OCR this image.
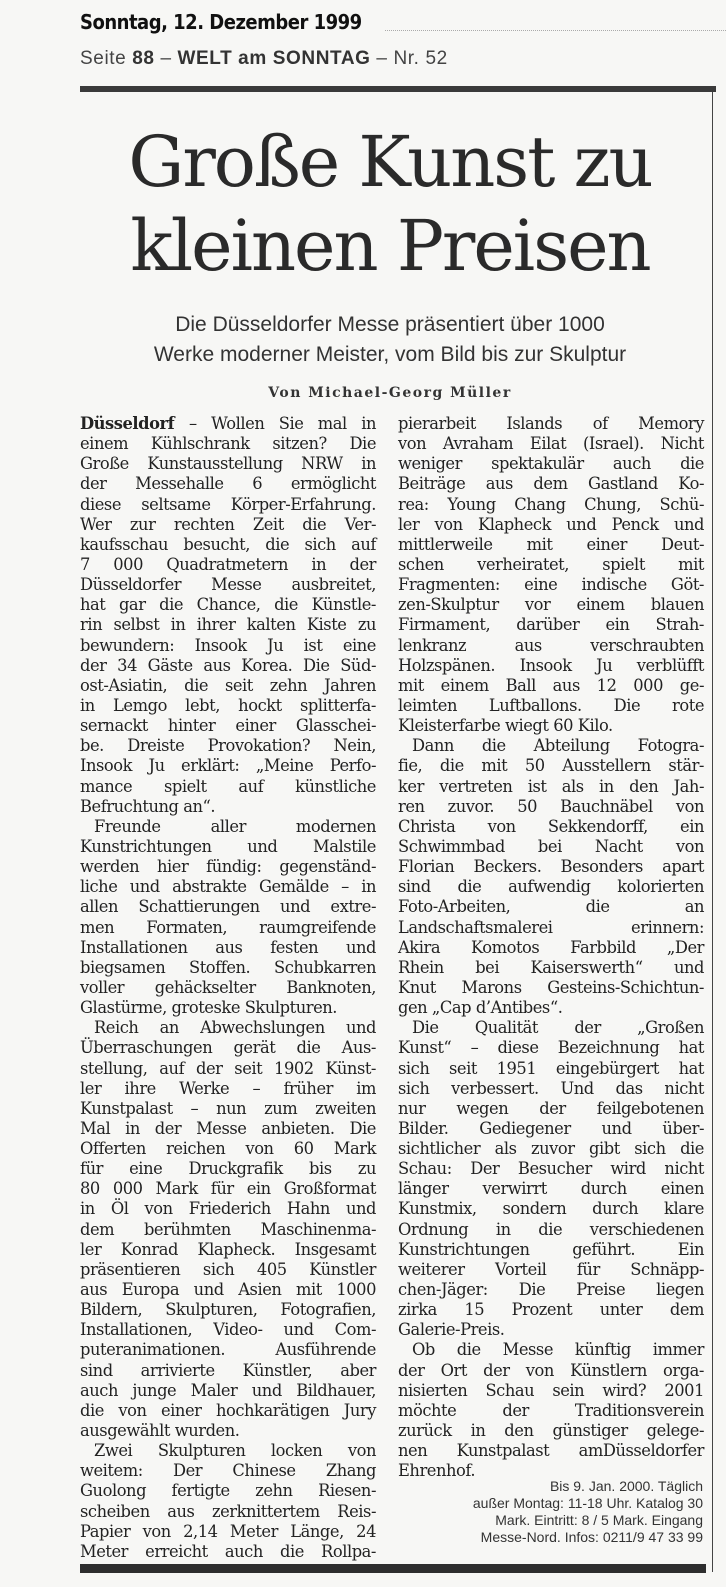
Sonntag, 12. Dezember 1999
Seite 88 – WELT am SONNTAG – Nr. 52
Große Kunst zu
kleinen Preisen
Die Düsseldorfer Messe präsentiert über 1000
Werke moderner Meister, vom Bild bis zur Skulptur
Von Michael-Georg Müller
Düsseldorf – Wollen Sie mal in
einem Kühlschrank sitzen? Die
Große Kunstausstellung NRW in
der Messehalle 6 ermöglicht
diese seltsame Körper-Erfahrung.
Wer zur rechten Zeit die Ver-
kaufsschau besucht, die sich auf
7 000 Quadratmetern in der
Düsseldorfer Messe ausbreitet,
hat gar die Chance, die Künstle-
rin selbst in ihrer kalten Kiste zu
bewundern: Insook Ju ist eine
der 34 Gäste aus Korea. Die Süd-
ost-Asiatin, die seit zehn Jahren
in Lemgo lebt, hockt splitterfa-
sernackt hinter einer Glasschei-
be. Dreiste Provokation? Nein,
Insook Ju erklärt: „Meine Perfo-
mance spielt auf künstliche
Befruchtung an“.
Freunde aller modernen
Kunstrichtungen und Malstile
werden hier fündig: gegenständ-
liche und abstrakte Gemälde – in
allen Schattierungen und extre-
men Formaten, raumgreifende
Installationen aus festen und
biegsamen Stoffen. Schubkarren
voller gehäckselter Banknoten,
Glastürme, groteske Skulpturen.
Reich an Abwechslungen und
Überraschungen gerät die Aus-
stellung, auf der seit 1902 Künst-
ler ihre Werke – früher im
Kunstpalast – nun zum zweiten
Mal in der Messe anbieten. Die
Offerten reichen von 60 Mark
für eine Druckgrafik bis zu
80 000 Mark für ein Großformat
in Öl von Friederich Hahn und
dem berühmten Maschinenma-
ler Konrad Klapheck. Insgesamt
präsentieren sich 405 Künstler
aus Europa und Asien mit 1000
Bildern, Skulpturen, Fotografien,
Installationen, Video- und Com-
puteranimationen. Ausführende
sind arrivierte Künstler, aber
auch junge Maler und Bildhauer,
die von einer hochkarätigen Jury
ausgewählt wurden.
Zwei Skulpturen locken von
weitem: Der Chinese Zhang
Guolong fertigte zehn Riesen-
scheiben aus zerknittertem Reis-
Papier von 2,14 Meter Länge, 24
Meter erreicht auch die Rollpa-
pierarbeit Islands of Memory
von Avraham Eilat (Israel). Nicht
weniger spektakulär auch die
Beiträge aus dem Gastland Ko-
rea: Young Chang Chung, Schü-
ler von Klapheck und Penck und
mittlerweile mit einer Deut-
schen verheiratet, spielt mit
Fragmenten: eine indische Göt-
zen-Skulptur vor einem blauen
Firmament, darüber ein Strah-
lenkranz aus verschraubten
Holzspänen. Insook Ju verblüfft
mit einem Ball aus 12 000 ge-
leimten Luftballons. Die rote
Kleisterfarbe wiegt 60 Kilo.
Dann die Abteilung Fotogra-
fie, die mit 50 Ausstellern stär-
ker vertreten ist als in den Jah-
ren zuvor. 50 Bauchnäbel von
Christa von Sekkendorff, ein
Schwimmbad bei Nacht von
Florian Beckers. Besonders apart
sind die aufwendig kolorierten
Foto-Arbeiten, die an
Landschaftsmalerei erinnern:
Akira Komotos Farbbild „Der
Rhein bei Kaiserswerth“ und
Knut Marons Gesteins-Schichtun-
gen „Cap d’Antibes“.
Die Qualität der „Großen
Kunst“ – diese Bezeichnung hat
sich seit 1951 eingebürgert hat
sich verbessert. Und das nicht
nur wegen der feilgebotenen
Bilder. Gediegener und über-
sichtlicher als zuvor gibt sich die
Schau: Der Besucher wird nicht
länger verwirrt durch einen
Kunstmix, sondern durch klare
Ordnung in die verschiedenen
Kunstrichtungen geführt. Ein
weiterer Vorteil für Schnäpp-
chen-Jäger: Die Preise liegen
zirka 15 Prozent unter dem
Galerie-Preis.
Ob die Messe künftig immer
der Ort der von Künstlern orga-
nisierten Schau sein wird? 2001
möchte der Traditionsverein
zurück in den günstiger gelege-
nen Kunstpalast amDüsseldorfer
Ehrenhof.
Bis 9. Jan. 2000. Täglich
außer Montag: 11-18 Uhr. Katalog 30
Mark. Eintritt: 8 / 5 Mark. Eingang
Messe-Nord. Infos: 0211/9 47 33 99
